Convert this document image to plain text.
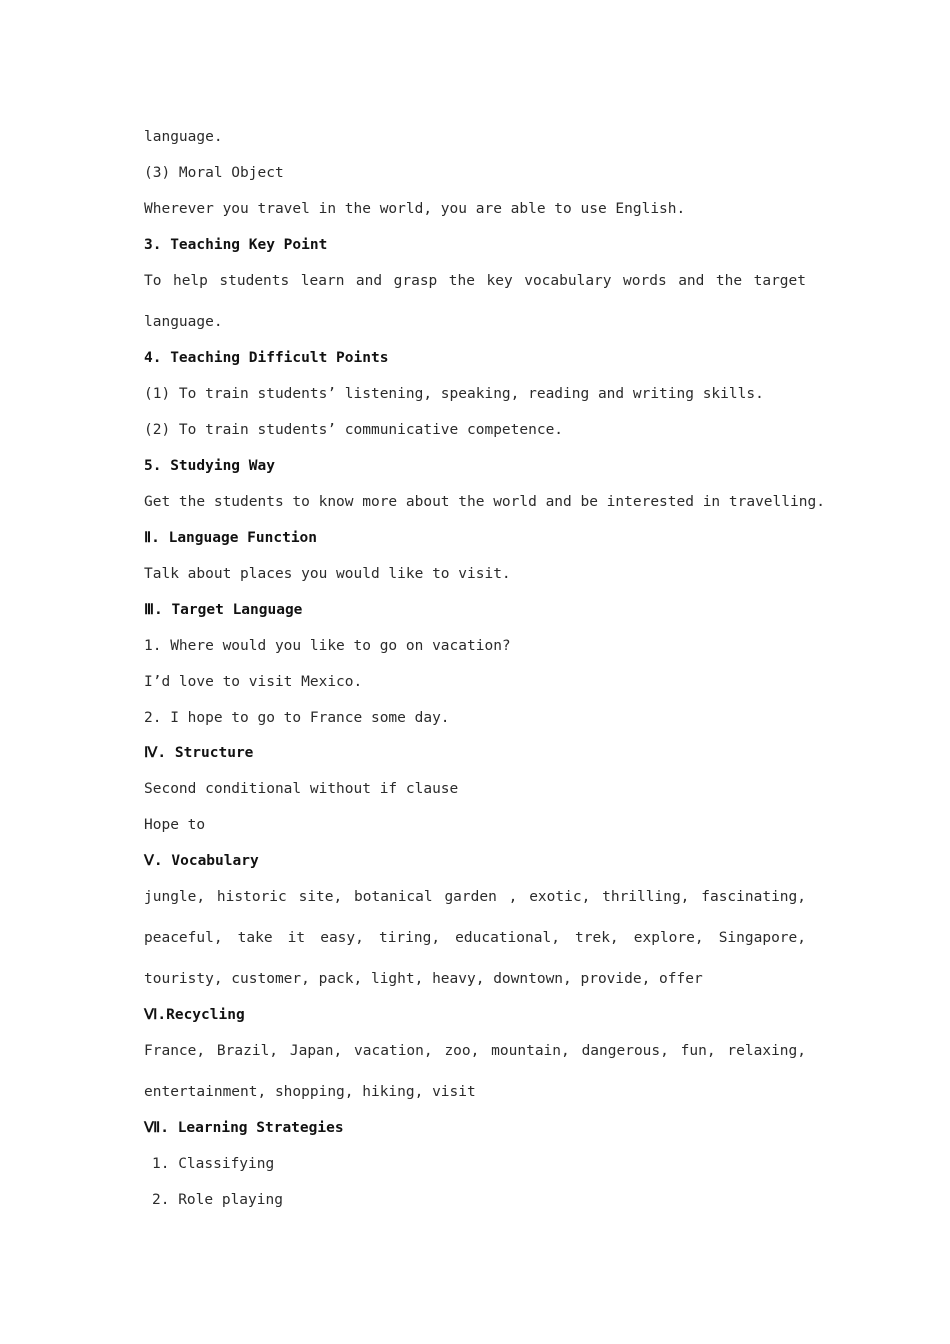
language.
(3) Moral Object
Wherever you travel in the world, you are able to use English.
3. Teaching Key Point
To help students learn and grasp the key vocabulary words and the target
language.
4. Teaching Difficult Points
(1) To train students’ listening, speaking, reading and writing skills.
(2) To train students’ communicative competence.
5. Studying Way
Get the students to know more about the world and be interested in travelling.
Ⅱ. Language Function
Talk about places you would like to visit.
Ⅲ. Target Language
1. Where would you like to go on vacation?
I’d love to visit Mexico.
2. I hope to go to France some day.
Ⅳ. Structure
Second conditional without if clause
Hope to
Ⅴ. Vocabulary
jungle, historic site, botanical garden , exotic, thrilling, fascinating,
peaceful, take it easy, tiring, educational, trek, explore, Singapore,
touristy, customer, pack, light, heavy, downtown, provide, offer
Ⅵ.Recycling
France, Brazil, Japan, vacation, zoo, mountain, dangerous, fun, relaxing,
entertainment, shopping, hiking, visit
Ⅶ. Learning Strategies
1. Classifying
2. Role playing
